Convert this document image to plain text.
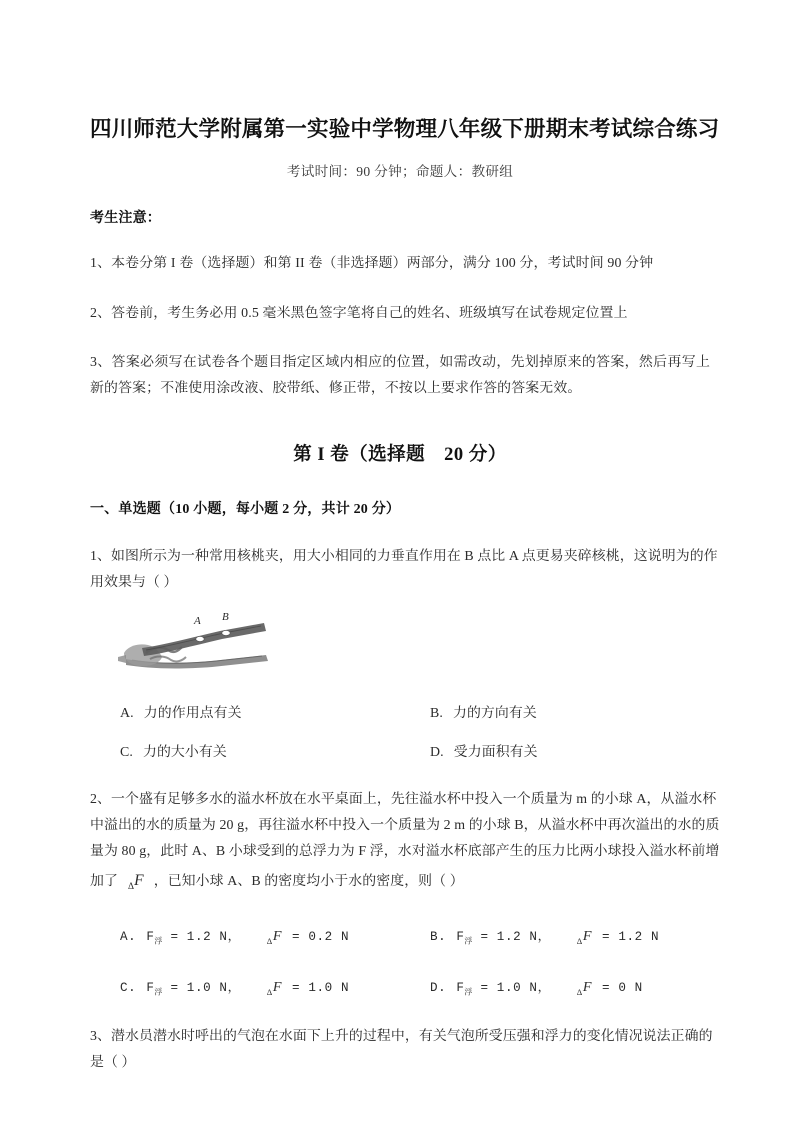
四川师范大学附属第一实验中学物理八年级下册期末考试综合练习
考试时间：90 分钟；命题人：教研组
考生注意：

1、本卷分第 I 卷（选择题）和第 II 卷（非选择题）两部分，满分 100 分，考试时间 90 分钟

2、答卷前，考生务必用 0.5 毫米黑色签字笔将自己的姓名、班级填写在试卷规定位置上

3、答案必须写在试卷各个题目指定区域内相应的位置，如需改动，先划掉原来的答案，然后再写上新的答案；不准使用涂改液、胶带纸、修正带，不按以上要求作答的答案无效。

第 I 卷（选择题　20 分）
一、单选题（10 小题，每小题 2 分，共计 20 分）
1、如图所示为一种常用核桃夹，用大小相同的力垂直作用在 B 点比 A 点更易夹碎核桃，这说明为的作
用效果与（ ）
A B
A. 力的作用点有关	B. 力的方向有关
C. 力的大小有关	D. 受力面积有关
2、一个盛有足够多水的溢水杯放在水平桌面上，先往溢水杯中投入一个质量为 m 的小球 A，从溢水杯
中溢出的水的质量为 20 g，再往溢水杯中投入一个质量为 2 m 的小球 B，从溢水杯中再次溢出的水的质
量为 80 g，此时 A、B 小球受到的总浮力为 F 浮，水对溢水杯底部产生的压力比两小球投入溢水杯前增
加了 $_\Delta$F ，已知小球 A、B 的密度均小于水的密度，则（ ）
A. $F_浮 = 1.2$ N，	$_\Delta$F = 0.2 N	B. $F_浮 = 1.2$ N，	$_\Delta$F = 1.2 N
C. $F_浮 = 1.0$ N，	$_\Delta$F = 1.0 N	D. $F_浮 = 1.0$ N，	$_\Delta$F = 0 N
3、潜水员潜水时呼出的气泡在水面下上升的过程中，有关气泡所受压强和浮力的变化情况说法正确的
是（ ）
